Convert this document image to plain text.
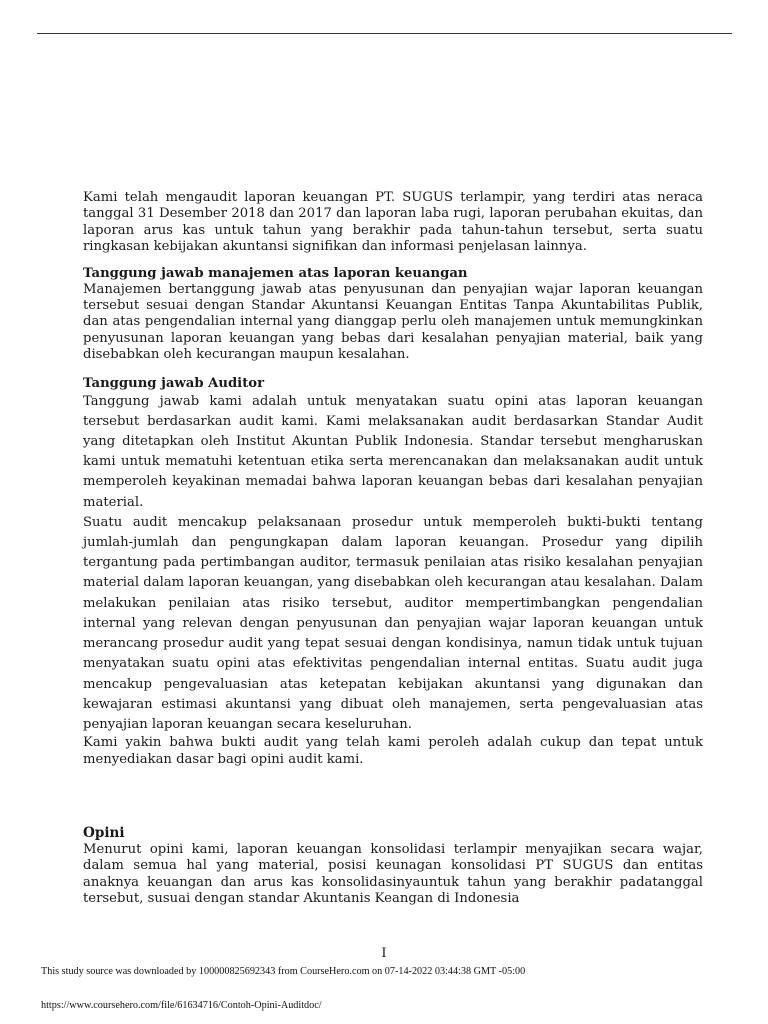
Kami telah mengaudit laporan keuangan PT. SUGUS terlampir, yang terdiri atas neraca tanggal 31 Desember 2018 dan 2017 dan laporan laba rugi, laporan perubahan ekuitas, dan laporan arus kas untuk tahun yang berakhir pada tahun-tahun tersebut, serta suatu ringkasan kebijakan akuntansi signifikan dan informasi penjelasan lainnya.

Tanggung jawab manajemen atas laporan keuangan

Manajemen bertanggung jawab atas penyusunan dan penyajian wajar laporan keuangan tersebut sesuai dengan Standar Akuntansi Keuangan Entitas Tanpa Akuntabilitas Publik, dan atas pengendalian internal yang dianggap perlu oleh manajemen untuk memungkinkan penyusunan laporan keuangan yang bebas dari kesalahan penyajian material, baik yang disebabkan oleh kecurangan maupun kesalahan.

Tanggung jawab Auditor

Tanggung jawab kami adalah untuk menyatakan suatu opini atas laporan keuangan tersebut berdasarkan audit kami. Kami melaksanakan audit berdasarkan Standar Audit yang ditetapkan oleh Institut Akuntan Publik Indonesia. Standar tersebut mengharuskan kami untuk mematuhi ketentuan etika serta merencanakan dan melaksanakan audit untuk memperoleh keyakinan memadai bahwa laporan keuangan bebas dari kesalahan penyajian material.

Suatu audit mencakup pelaksanaan prosedur untuk memperoleh bukti-bukti tentang jumlah-jumlah dan pengungkapan dalam laporan keuangan. Prosedur yang dipilih tergantung pada pertimbangan auditor, termasuk penilaian atas risiko kesalahan penyajian material dalam laporan keuangan, yang disebabkan oleh kecurangan atau kesalahan. Dalam melakukan penilaian atas risiko tersebut, auditor mempertimbangkan pengendalian internal yang relevan dengan penyusunan dan penyajian wajar laporan keuangan untuk merancang prosedur audit yang tepat sesuai dengan kondisinya, namun tidak untuk tujuan menyatakan suatu opini atas efektivitas pengendalian internal entitas. Suatu audit juga mencakup pengevaluasian atas ketepatan kebijakan akuntansi yang digunakan dan kewajaran estimasi akuntansi yang dibuat oleh manajemen, serta pengevaluasian atas penyajian laporan keuangan secara keseluruhan.

Kami yakin bahwa bukti audit yang telah kami peroleh adalah cukup dan tepat untuk menyediakan dasar bagi opini audit kami.

Opini

Menurut opini kami, laporan keuangan konsolidasi terlampir menyajikan secara wajar, dalam semua hal yang material, posisi keunagan konsolidasi PT SUGUS dan entitas anaknya keuangan dan arus kas konsolidasinyauntuk tahun yang berakhir padatanggal tersebut, susuai dengan standar Akuntanis Keangan di Indonesia

I
This study source was downloaded by 100000825692343 from CourseHero.com on 07-14-2022 03:44:38 GMT -05:00
https://www.coursehero.com/file/61634716/Contoh-Opini-Auditdoc/
